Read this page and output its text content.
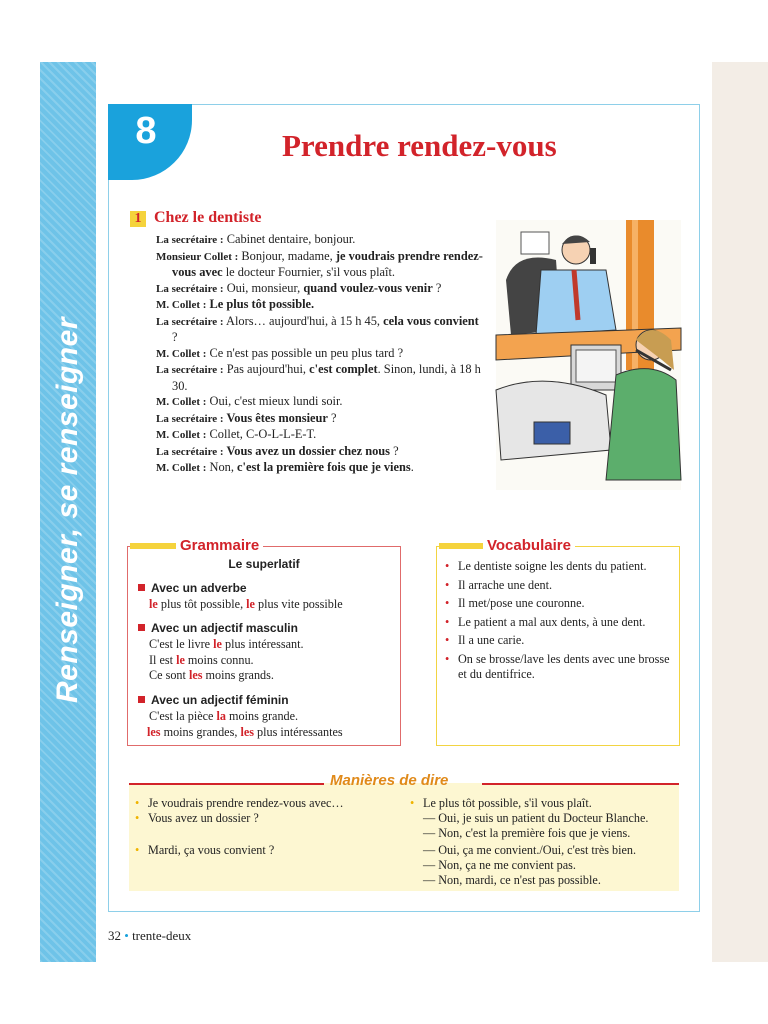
Renseigner, se renseigner
8	Prendre rendez-vous
1 Chez le dentiste
La secrétaire : Cabinet dentaire, bonjour.
Monsieur Collet : Bonjour, madame, je voudrais prendre rendez-vous avec le docteur Fournier, s'il vous plaît.
La secrétaire : Oui, monsieur, quand voulez-vous venir ?
M. Collet : Le plus tôt possible.
La secrétaire : Alors… aujourd'hui, à 15 h 45, cela vous convient ?
M. Collet : Ce n'est pas possible un peu plus tard ?
La secrétaire : Pas aujourd'hui, c'est complet. Sinon, lundi, à 18 h 30.
M. Collet : Oui, c'est mieux lundi soir.
La secrétaire : Vous êtes monsieur ?
M. Collet : Collet, C-O-L-L-E-T.
La secrétaire : Vous avez un dossier chez nous ?
M. Collet : Non, c'est la première fois que je viens.
Grammaire
Le superlatif
Avec un adverbe
le plus tôt possible, le plus vite possible
Avec un adjectif masculin
C'est le livre le plus intéressant.
Il est le moins connu.
Ce sont les moins grands.
Avec un adjectif féminin
C'est la pièce la moins grande.
les moins grandes, les plus intéressantes
Vocabulaire
• Le dentiste soigne les dents du patient.
• Il arrache une dent.
• Il met/pose une couronne.
• Le patient a mal aux dents, à une dent.
• Il a une carie.
• On se brosse/lave les dents avec une brosse et du dentifrice.
Manières de dire
• Je voudrais prendre rendez-vous avec…
• Vous avez un dossier ?
• Mardi, ça vous convient ?
• Le plus tôt possible, s'il vous plaît.
— Oui, je suis un patient du Docteur Blanche.
— Non, c'est la première fois que je viens.
— Oui, ça me convient./Oui, c'est très bien.
— Non, ça ne me convient pas.
— Non, mardi, ce n'est pas possible.
32 • trente-deux
